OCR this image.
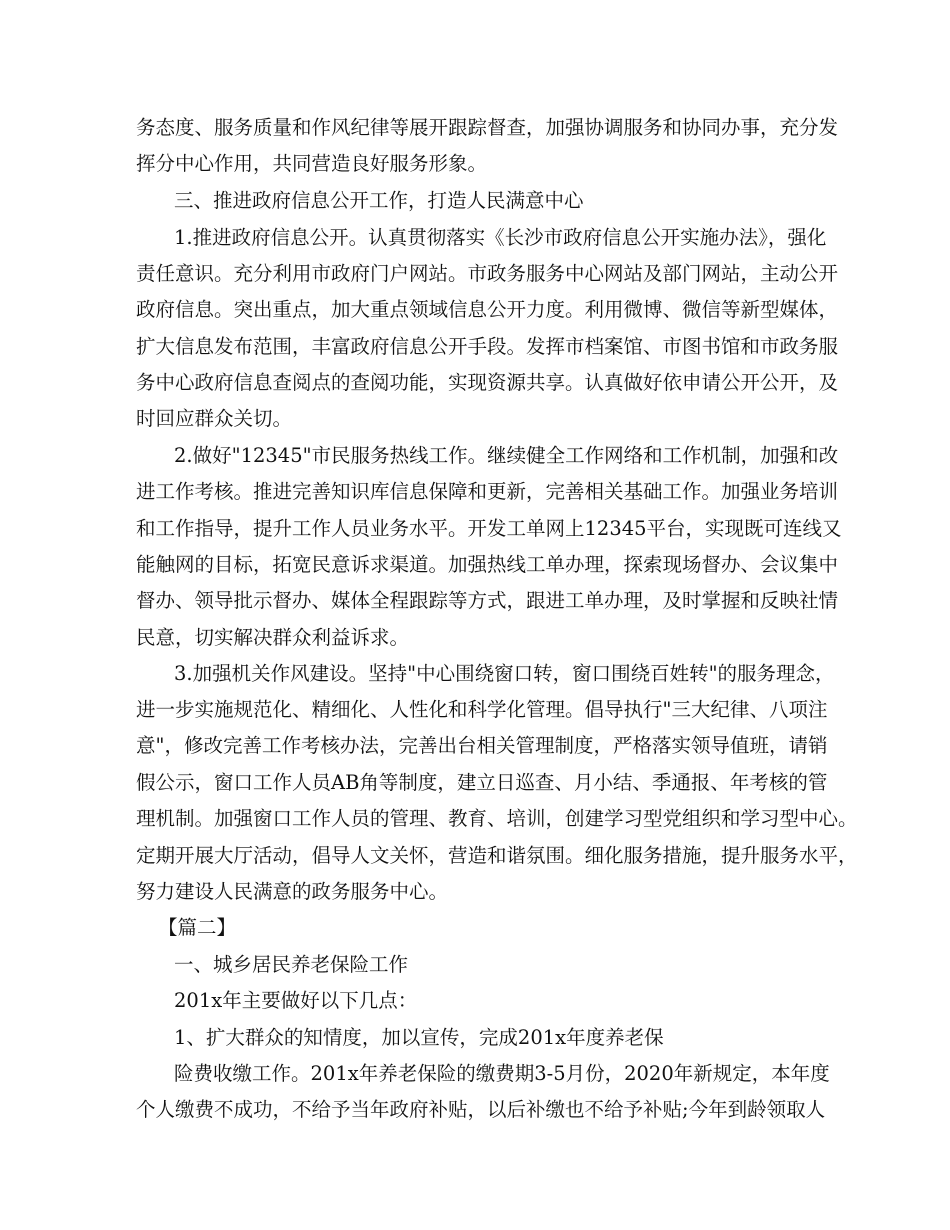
务态度、服务质量和作风纪律等展开跟踪督查，加强协调服务和协同办事，充分发
挥分中心作用，共同营造良好服务形象。
三、推进政府信息公开工作，打造人民满意中心
1.推进政府信息公开。认真贯彻落实《长沙市政府信息公开实施办法》，强化
责任意识。充分利用市政府门户网站。市政务服务中心网站及部门网站，主动公开
政府信息。突出重点，加大重点领域信息公开力度。利用微博、微信等新型媒体，
扩大信息发布范围，丰富政府信息公开手段。发挥市档案馆、市图书馆和市政务服
务中心政府信息查阅点的查阅功能，实现资源共享。认真做好依申请公开公开，及
时回应群众关切。
2.做好"12345"市民服务热线工作。继续健全工作网络和工作机制，加强和改
进工作考核。推进完善知识库信息保障和更新，完善相关基础工作。加强业务培训
和工作指导，提升工作人员业务水平。开发工单网上12345平台，实现既可连线又
能触网的目标，拓宽民意诉求渠道。加强热线工单办理，探索现场督办、会议集中
督办、领导批示督办、媒体全程跟踪等方式，跟进工单办理，及时掌握和反映社情
民意，切实解决群众利益诉求。
3.加强机关作风建设。坚持"中心围绕窗口转，窗口围绕百姓转"的服务理念，
进一步实施规范化、精细化、人性化和科学化管理。倡导执行"三大纪律、八项注
意"，修改完善工作考核办法，完善出台相关管理制度，严格落实领导值班，请销
假公示，窗口工作人员AB角等制度，建立日巡查、月小结、季通报、年考核的管
理机制。加强窗口工作人员的管理、教育、培训，创建学习型党组织和学习型中心。
定期开展大厅活动，倡导人文关怀，营造和谐氛围。细化服务措施，提升服务水平，
努力建设人民满意的政务服务中心。
【篇二】
一、城乡居民养老保险工作
201x年主要做好以下几点：
1、扩大群众的知情度，加以宣传，完成201x年度养老保
险费收缴工作。201x年养老保险的缴费期3-5月份，2020年新规定，本年度
个人缴费不成功，不给予当年政府补贴，以后补缴也不给予补贴;今年到龄领取人
